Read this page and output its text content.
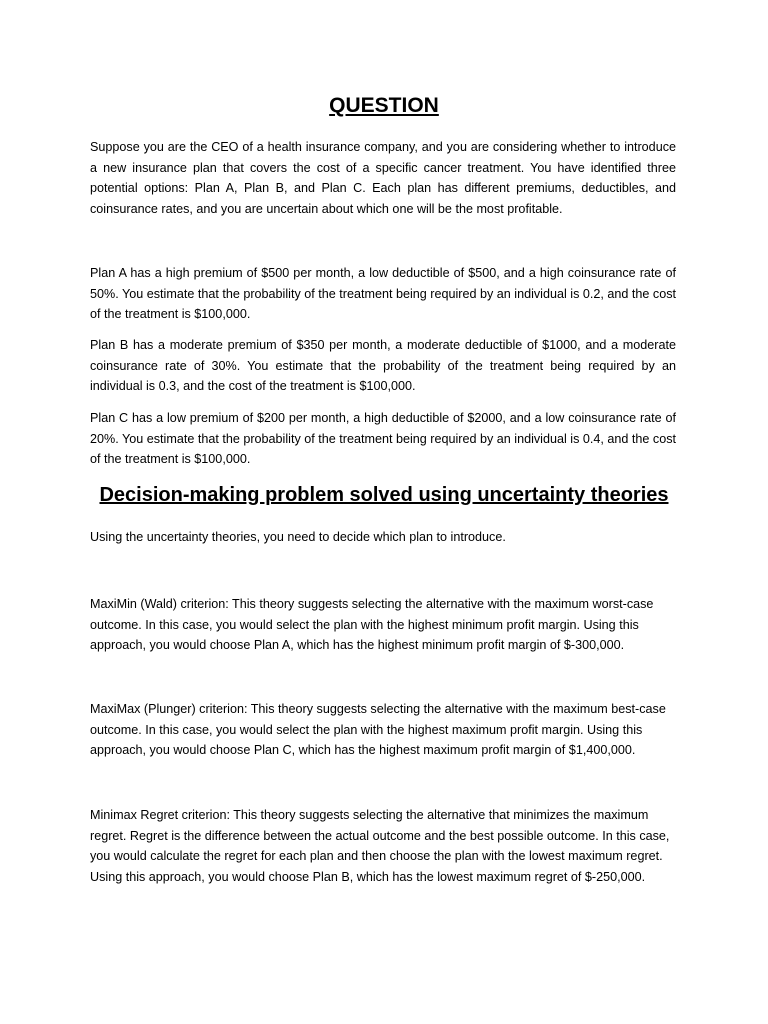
QUESTION

Suppose you are the CEO of a health insurance company, and you are considering whether to introduce a new insurance plan that covers the cost of a specific cancer treatment. You have identified three potential options: Plan A, Plan B, and Plan C. Each plan has different premiums, deductibles, and coinsurance rates, and you are uncertain about which one will be the most profitable.

Plan A has a high premium of $500 per month, a low deductible of $500, and a high coinsurance rate of 50%. You estimate that the probability of the treatment being required by an individual is 0.2, and the cost of the treatment is $100,000.

Plan B has a moderate premium of $350 per month, a moderate deductible of $1000, and a moderate coinsurance rate of 30%. You estimate that the probability of the treatment being required by an individual is 0.3, and the cost of the treatment is $100,000.

Plan C has a low premium of $200 per month, a high deductible of $2000, and a low coinsurance rate of 20%. You estimate that the probability of the treatment being required by an individual is 0.4, and the cost of the treatment is $100,000.

Decision-making problem solved using uncertainty theories

Using the uncertainty theories, you need to decide which plan to introduce.

MaxiMin (Wald) criterion: This theory suggests selecting the alternative with the maximum worst-case outcome. In this case, you would select the plan with the highest minimum profit margin. Using this approach, you would choose Plan A, which has the highest minimum profit margin of $-300,000.

MaxiMax (Plunger) criterion: This theory suggests selecting the alternative with the maximum best-case outcome. In this case, you would select the plan with the highest maximum profit margin. Using this approach, you would choose Plan C, which has the highest maximum profit margin of $1,400,000.

Minimax Regret criterion: This theory suggests selecting the alternative that minimizes the maximum regret. Regret is the difference between the actual outcome and the best possible outcome. In this case, you would calculate the regret for each plan and then choose the plan with the lowest maximum regret. Using this approach, you would choose Plan B, which has the lowest maximum regret of $-250,000.
